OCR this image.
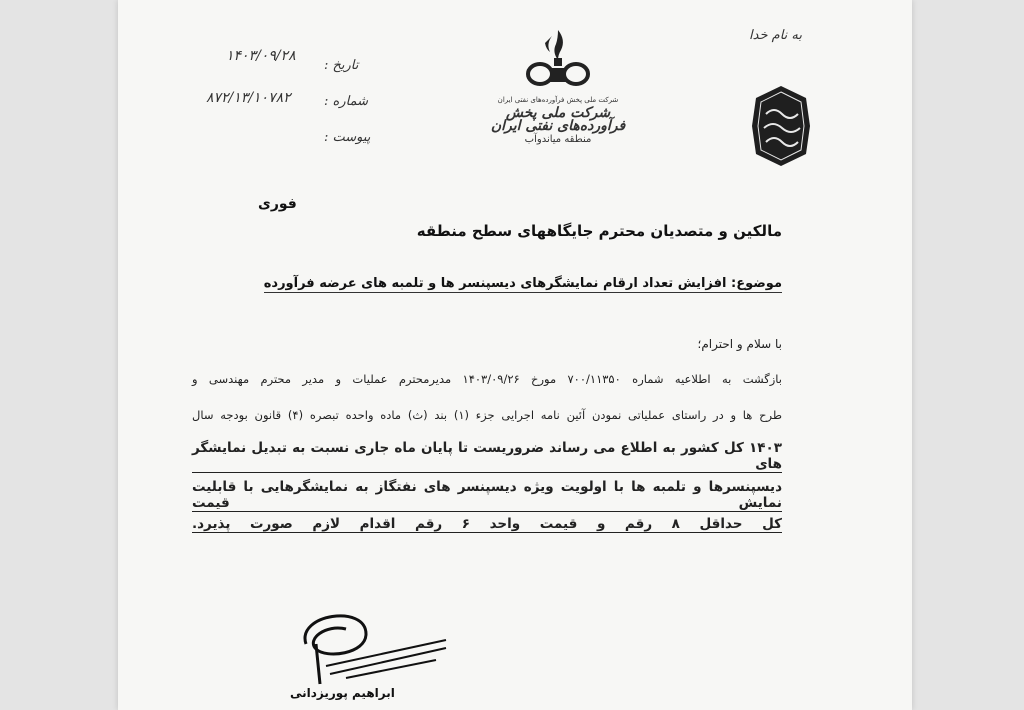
به نام خدا
تاریخ :
شماره :
پیوست :
۱۴۰۳/۰۹/۲۸
۸۷۲/۱۳/۱۰۷۸۲	شرکت ملی پخش فرآورده‌های نفتی ایران
شرکت ملی پخش فرآورده‌های نفتی ایران
منطقه میاندوآب
فوری
مالکین و متصدیان محترم جایگاههای سطح منطقه
موضوع: افزایش تعداد ارقام نمایشگرهای دیسپنسر ها و تلمبه های عرضه فرآورده
با سلام و احترام؛
بازگشت به اطلاعیه شماره ۷۰۰/۱۱۳۵۰ مورخ ۱۴۰۳/۰۹/۲۶ مدیرمحترم عملیات و مدیر محترم مهندسی و
طرح ها و در راستای عملیاتی نمودن آئین نامه اجرایی جزء (۱) بند (ث) ماده واحده تبصره (۴) قانون بودجه سال
۱۴۰۳ کل کشور به اطلاع می رساند ضروریست تا پایان ماه جاری نسبت به تبدیل نمایشگر های
دیسپنسرها و تلمبه ها با اولویت ویژه دیسپنسر های نفتگاز به نمایشگرهایی با قابلیت نمایش قیمت
کل حداقل ۸ رقم و قیمت واحد ۶ رقم اقدام لازم صورت پذیرد.
ابراهیم پوریزدانی
